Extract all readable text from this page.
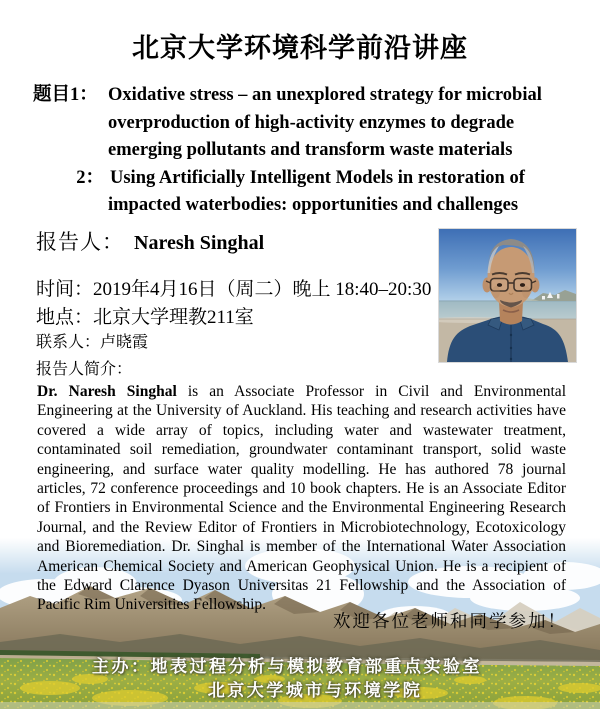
北京大学环境科学前沿讲座
题目1： Oxidative stress – an unexplored strategy for microbial
overproduction of high-activity enzymes to degrade
emerging pollutants and transform waste materials
2： Using Artificially Intelligent Models in restoration of
impacted waterbodies: opportunities and challenges
报告人： Naresh Singhal
时间：2019年4月16日（周二）晚上 18:40–20:30
地点：北京大学理教211室
联系人：卢晓霞
报告人简介：
Dr. Naresh Singhal is an Associate Professor in Civil and Environmental Engineering at the University of Auckland. His teaching and research activities have covered a wide array of topics, including water and wastewater treatment, contaminated soil remediation, groundwater contaminant transport, solid waste engineering, and surface water quality modelling. He has authored 78 journal articles, 72 conference proceedings and 10 book chapters. He is an Associate Editor of Frontiers in Environmental Science and the Environmental Engineering Research Journal, and the Review Editor of Frontiers in Microbiotechnology, Ecotoxicology and Bioremediation. Dr. Singhal is member of the International Water Association American Chemical Society and American Geophysical Union. He is a recipient of the Edward Clarence Dyason Universitas 21 Fellowship and the Association of Pacific Rim Universities Fellowship.
欢迎各位老师和同学参加！
主办：地表过程分析与模拟教育部重点实验室
北京大学城市与环境学院
